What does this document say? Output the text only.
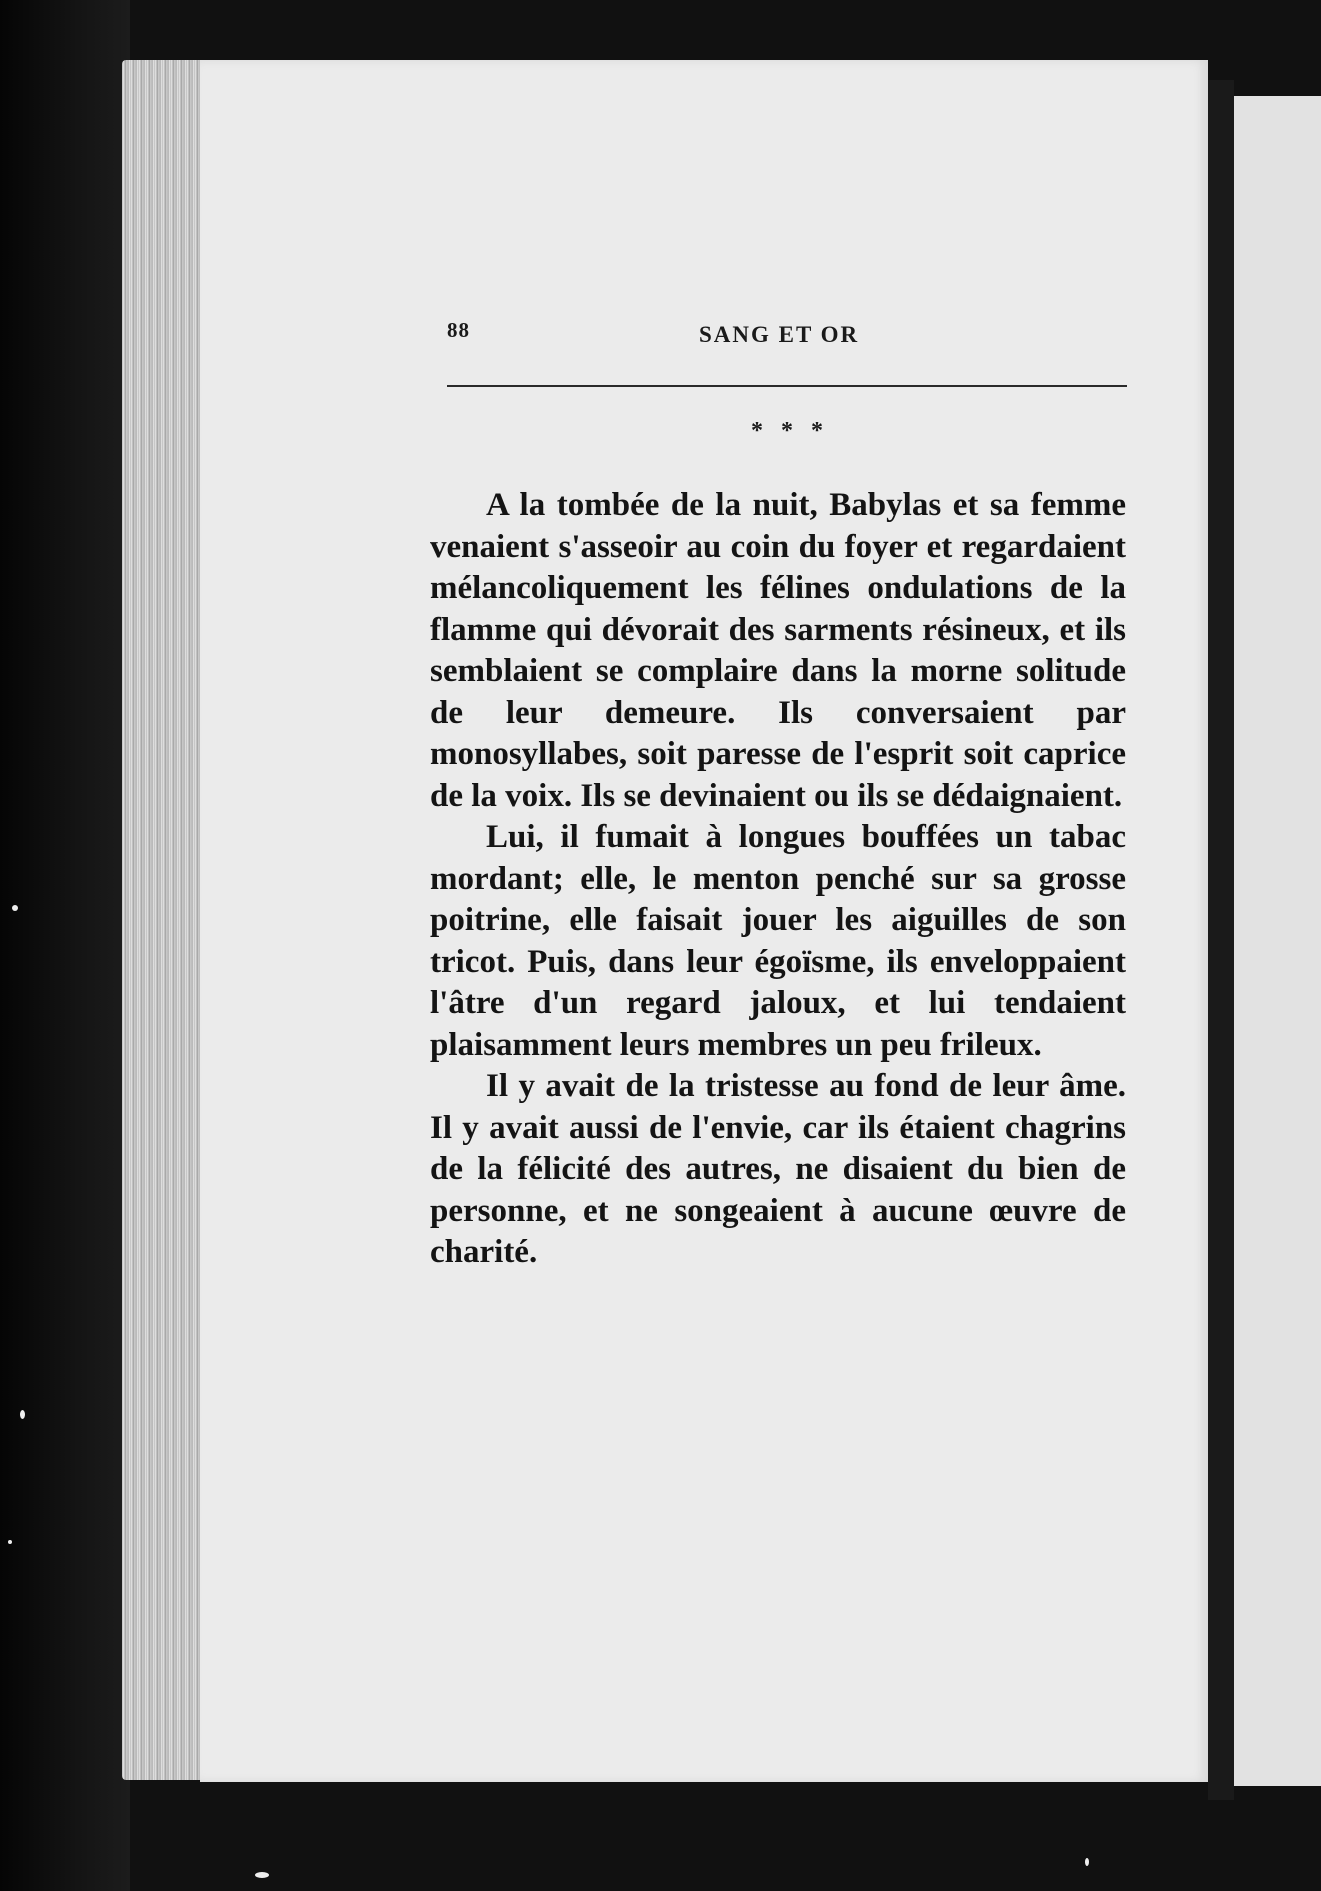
88	SANG ET OR
* * *

A la tombée de la nuit, Babylas et sa femme venaient s'asseoir au coin du foyer et regardaient mélancoliquement les félines ondulations de la flamme qui dévorait des sarments résineux, et ils semblaient se complaire dans la morne solitude de leur demeure. Ils conversaient par monosyllabes, soit paresse de l'esprit soit caprice de la voix. Ils se devinaient ou ils se dédaignaient.

Lui, il fumait à longues bouffées un tabac mordant; elle, le menton penché sur sa grosse poitrine, elle faisait jouer les aiguilles de son tricot. Puis, dans leur égoïsme, ils enveloppaient l'âtre d'un regard jaloux, et lui tendaient plaisamment leurs membres un peu frileux.

Il y avait de la tristesse au fond de leur âme. Il y avait aussi de l'envie, car ils étaient chagrins de la félicité des autres, ne disaient du bien de personne, et ne songeaient à aucune œuvre de charité.
